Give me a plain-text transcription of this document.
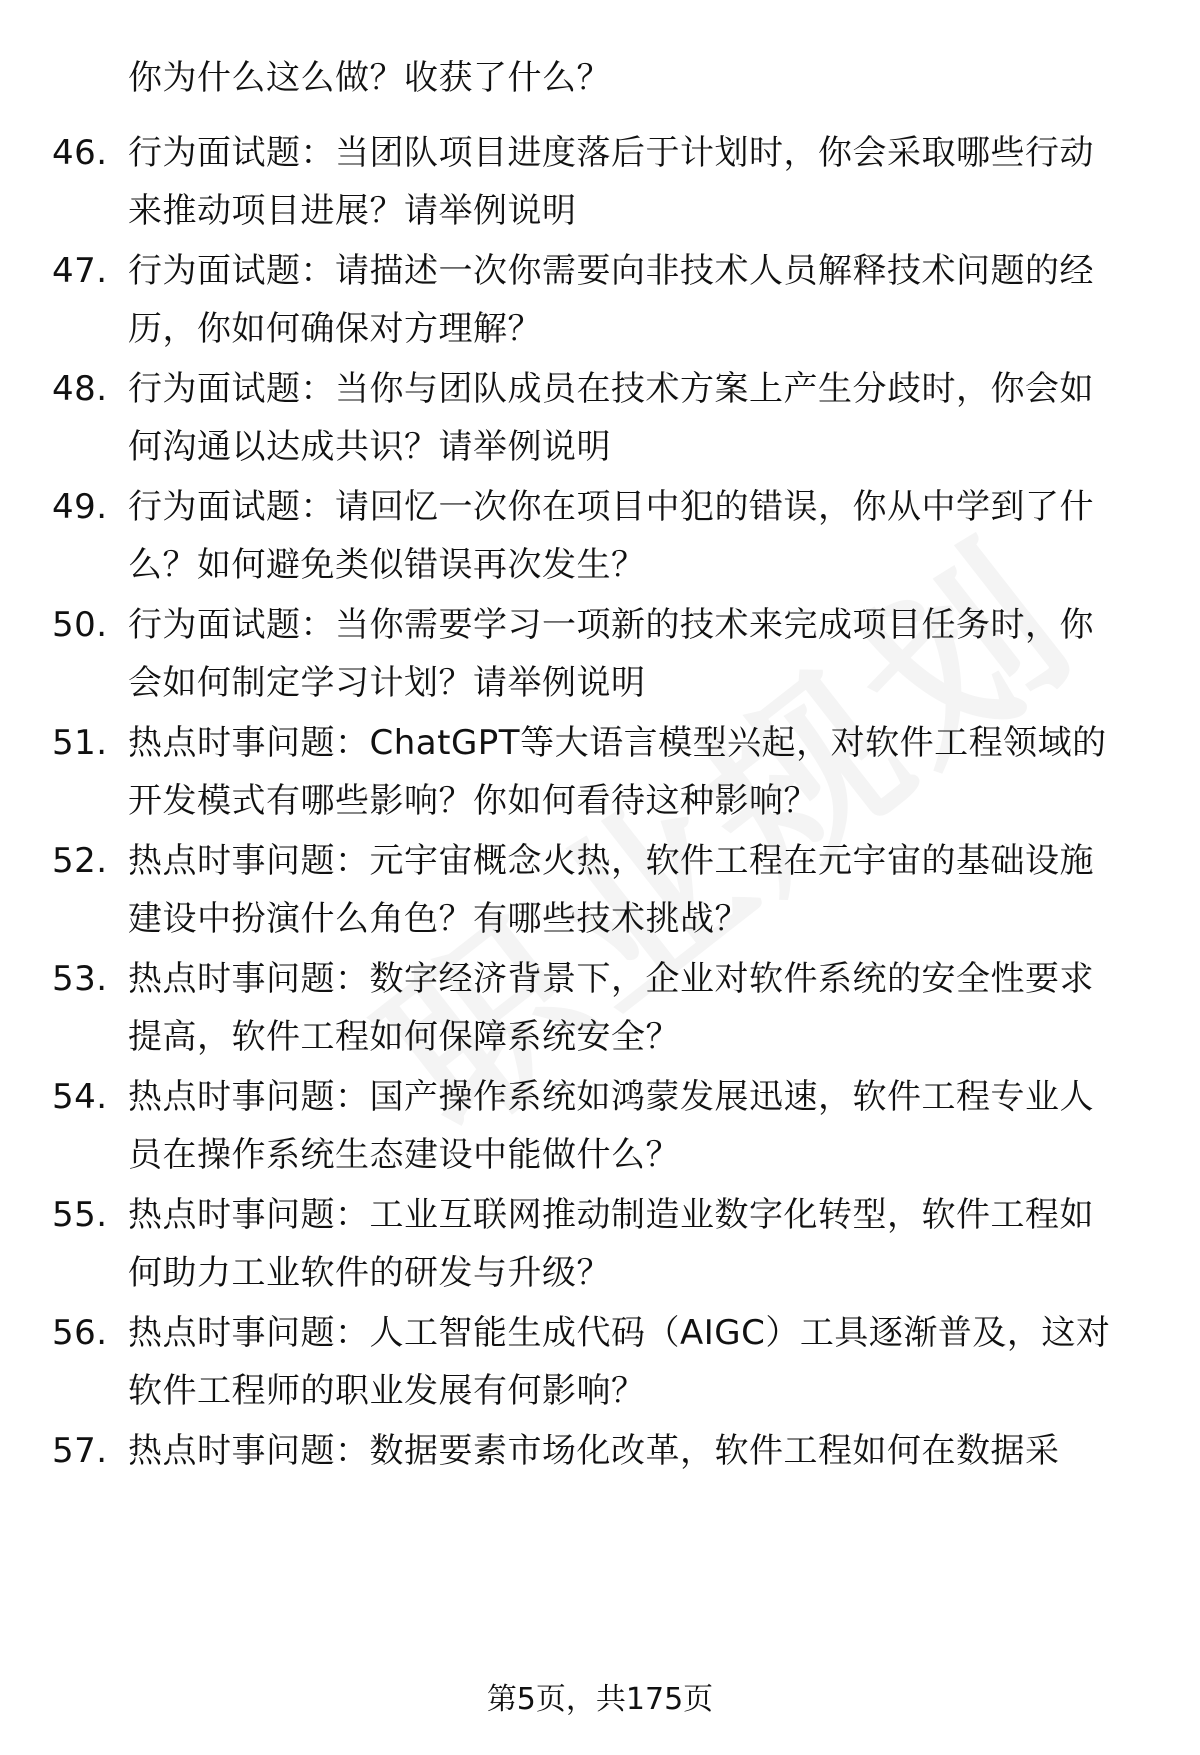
你为什么这么做？收获了什么？
46. 行为面试题：当团队项目进度落后于计划时，你会采取哪些行动
来推动项目进展？请举例说明
47. 行为面试题：请描述一次你需要向非技术人员解释技术问题的经
历，你如何确保对方理解？
48. 行为面试题：当你与团队成员在技术方案上产生分歧时，你会如
何沟通以达成共识？请举例说明
49. 行为面试题：请回忆一次你在项目中犯的错误，你从中学到了什
么？如何避免类似错误再次发生？
50. 行为面试题：当你需要学习一项新的技术来完成项目任务时，你
会如何制定学习计划？请举例说明
51. 热点时事问题：ChatGPT等大语言模型兴起，对软件工程领域的
开发模式有哪些影响？你如何看待这种影响？
52. 热点时事问题：元宇宙概念火热，软件工程在元宇宙的基础设施
建设中扮演什么角色？有哪些技术挑战？
53. 热点时事问题：数字经济背景下，企业对软件系统的安全性要求
提高，软件工程如何保障系统安全？
54. 热点时事问题：国产操作系统如鸿蒙发展迅速，软件工程专业人
员在操作系统生态建设中能做什么？
55. 热点时事问题：工业互联网推动制造业数字化转型，软件工程如
何助力工业软件的研发与升级？
56. 热点时事问题：人工智能生成代码（AIGC）工具逐渐普及，这对
软件工程师的职业发展有何影响？
57. 热点时事问题：数据要素市场化改革，软件工程如何在数据采
第5页，共175页
